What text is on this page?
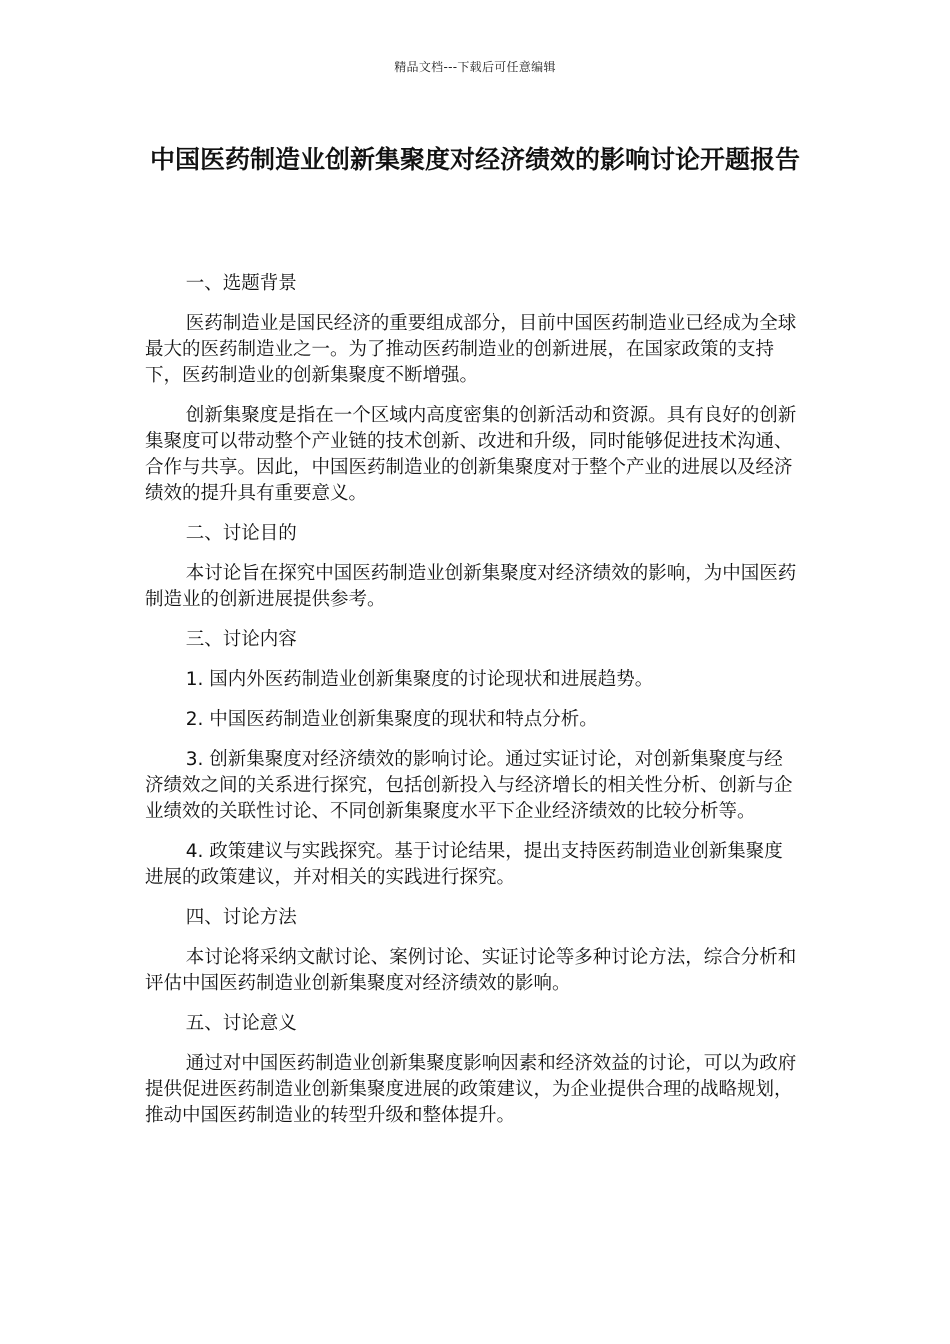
精品文档---下载后可任意编辑
中国医药制造业创新集聚度对经济绩效的影响讨论开题报告

一、选题背景

医药制造业是国民经济的重要组成部分，目前中国医药制造业已经成为全球最大的医药制造业之一。为了推动医药制造业的创新进展，在国家政策的支持下，医药制造业的创新集聚度不断增强。

创新集聚度是指在一个区域内高度密集的创新活动和资源。具有良好的创新集聚度可以带动整个产业链的技术创新、改进和升级，同时能够促进技术沟通、合作与共享。因此，中国医药制造业的创新集聚度对于整个产业的进展以及经济绩效的提升具有重要意义。

二、讨论目的

本讨论旨在探究中国医药制造业创新集聚度对经济绩效的影响，为中国医药制造业的创新进展提供参考。

三、讨论内容

1. 国内外医药制造业创新集聚度的讨论现状和进展趋势。

2. 中国医药制造业创新集聚度的现状和特点分析。

3. 创新集聚度对经济绩效的影响讨论。通过实证讨论，对创新集聚度与经济绩效之间的关系进行探究，包括创新投入与经济增长的相关性分析、创新与企业绩效的关联性讨论、不同创新集聚度水平下企业经济绩效的比较分析等。

4. 政策建议与实践探究。基于讨论结果，提出支持医药制造业创新集聚度进展的政策建议，并对相关的实践进行探究。

四、讨论方法

本讨论将采纳文献讨论、案例讨论、实证讨论等多种讨论方法，综合分析和评估中国医药制造业创新集聚度对经济绩效的影响。

五、讨论意义

通过对中国医药制造业创新集聚度影响因素和经济效益的讨论，可以为政府提供促进医药制造业创新集聚度进展的政策建议，为企业提供合理的战略规划，推动中国医药制造业的转型升级和整体提升。
